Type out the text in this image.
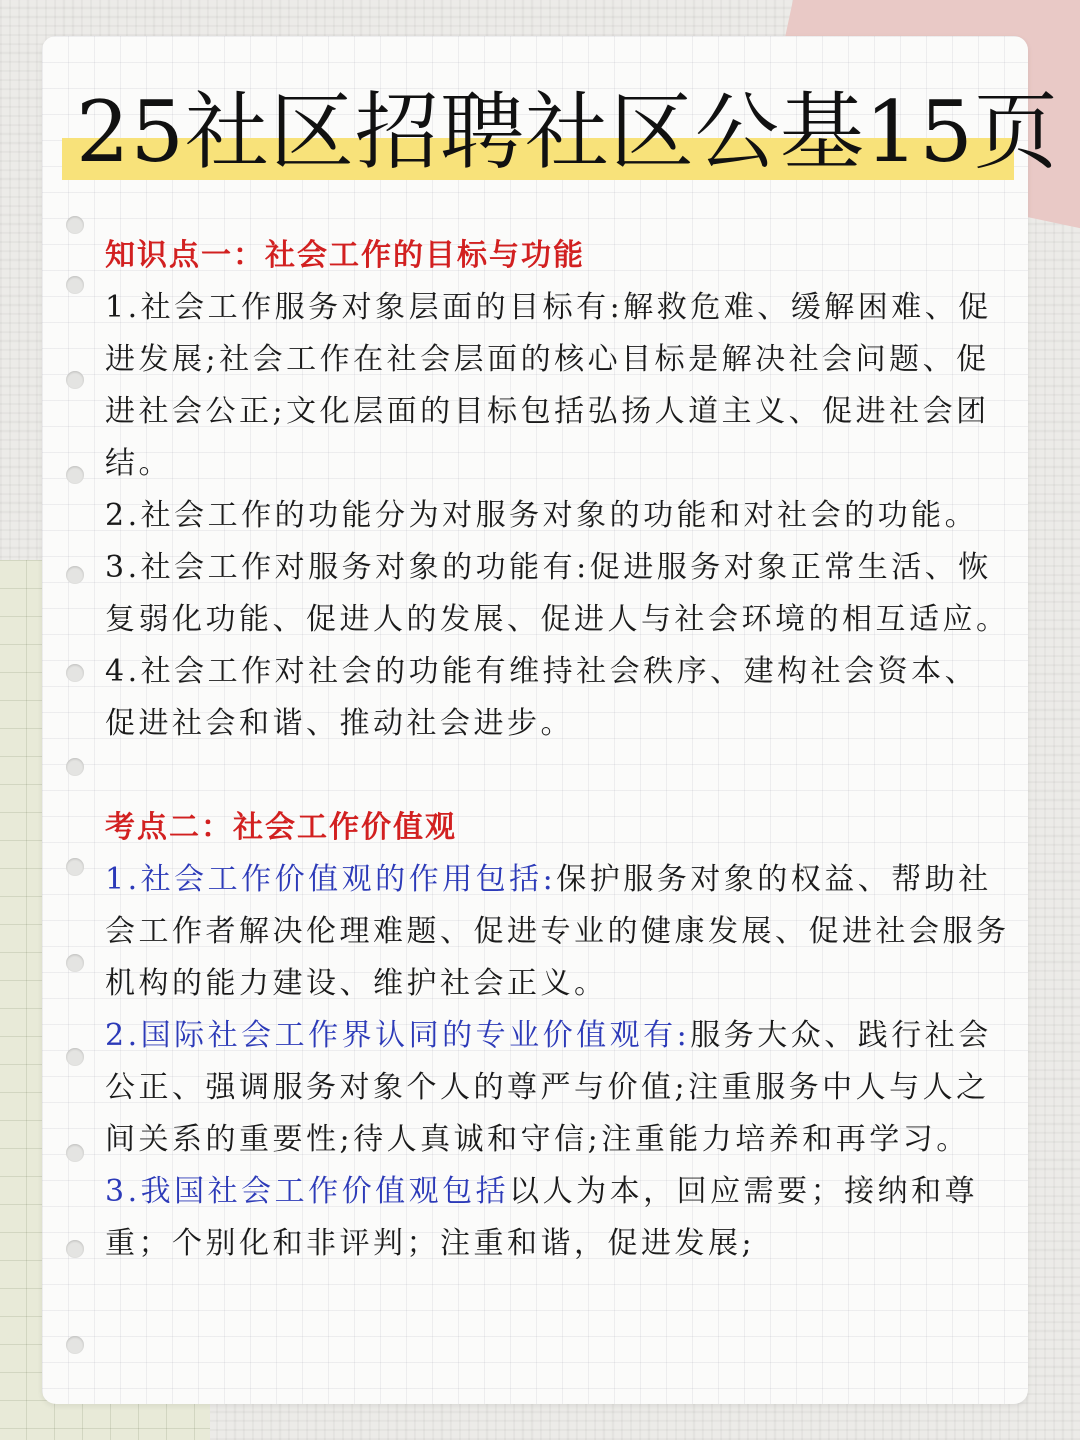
25社区招聘社区公基15页

知识点一：社会工作的目标与功能

1.社会工作服务对象层面的目标有:解救危难、缓解困难、促进发展;社会工作在社会层面的核心目标是解决社会问题、促进社会公正;文化层面的目标包括弘扬人道主义、促进社会团结。

2.社会工作的功能分为对服务对象的功能和对社会的功能。

3.社会工作对服务对象的功能有:促进服务对象正常生活、恢复弱化功能、促进人的发展、促进人与社会环境的相互适应。

4.社会工作对社会的功能有维持社会秩序、建构社会资本、促进社会和谐、推动社会进步。

考点二：社会工作价值观

1.社会工作价值观的作用包括:保护服务对象的权益、帮助社会工作者解决伦理难题、促进专业的健康发展、促进社会服务机构的能力建设、维护社会正义。

2.国际社会工作界认同的专业价值观有:服务大众、践行社会公正、强调服务对象个人的尊严与价值;注重服务中人与人之间关系的重要性;待人真诚和守信;注重能力培养和再学习。

3.我国社会工作价值观包括以人为本，回应需要；接纳和尊重；个别化和非评判；注重和谐，促进发展;
